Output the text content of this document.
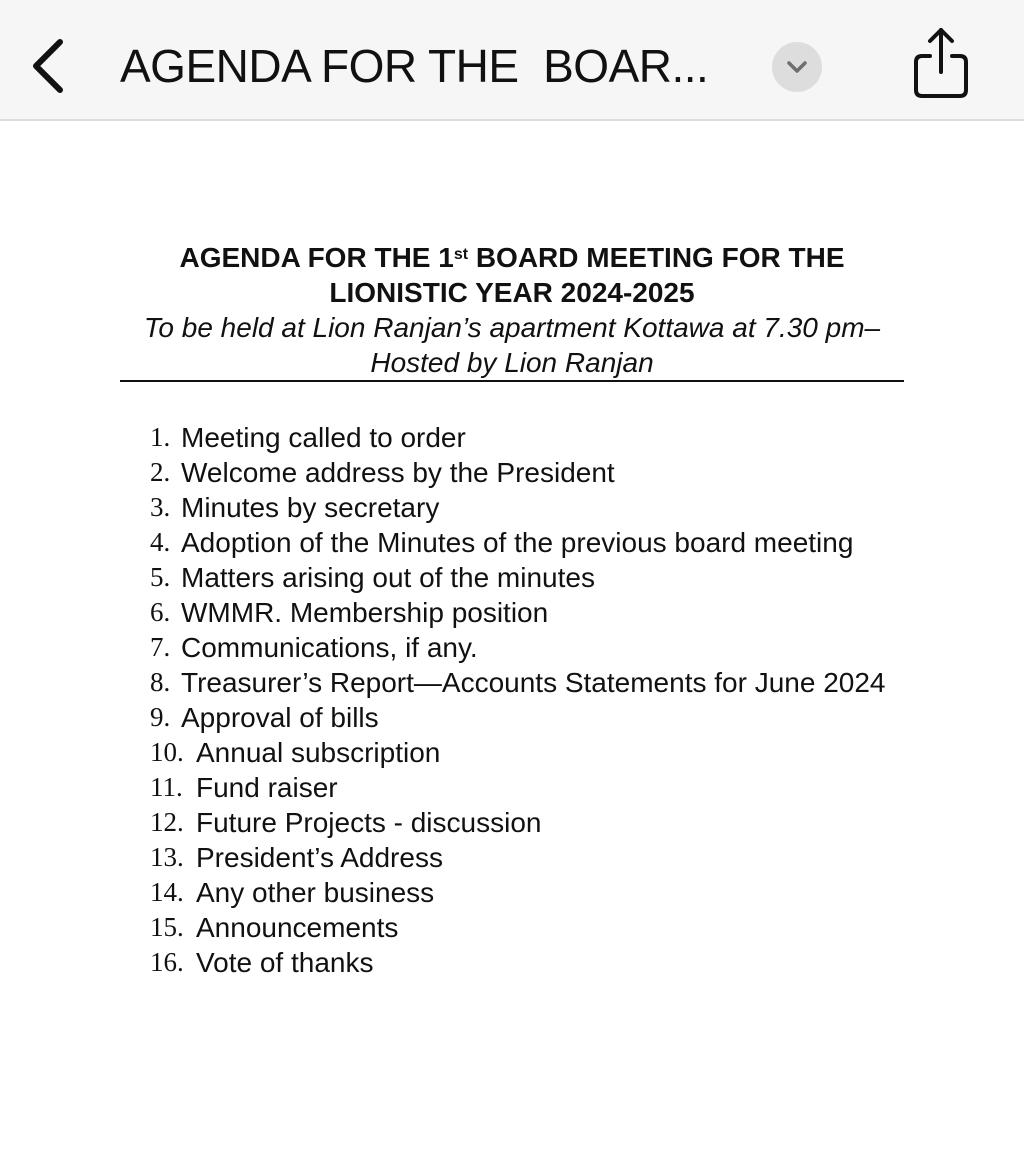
AGENDA FOR THE  BOAR...
AGENDA FOR THE 1st BOARD MEETING FOR THE LIONISTIC YEAR 2024-2025
To be held at Lion Ranjan’s apartment Kottawa at 7.30 pm– Hosted by Lion Ranjan
1. Meeting called to order
2. Welcome address by the President
3. Minutes by secretary
4. Adoption of the Minutes of the previous board meeting
5. Matters arising out of the minutes
6. WMMR. Membership position
7. Communications, if any.
8. Treasurer’s Report—Accounts Statements for June 2024
9. Approval of bills
10. Annual subscription
11. Fund raiser
12. Future Projects - discussion
13. President’s Address
14. Any other business
15. Announcements
16. Vote of thanks
